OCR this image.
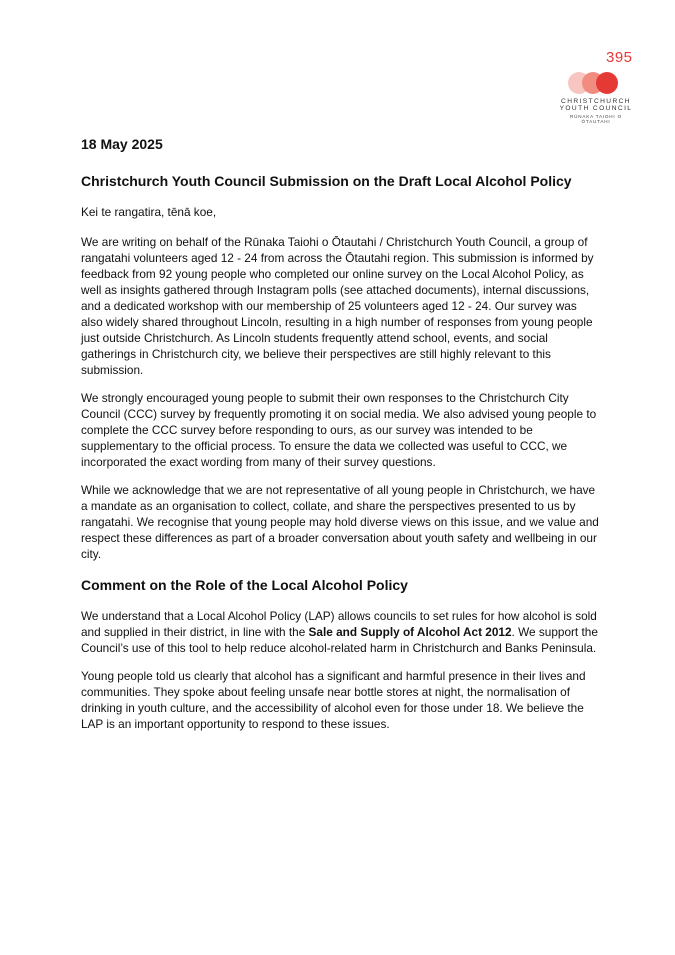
395
CHRISTCHURCH
YOUTH COUNCIL
RŪNAKA TAIOHI O
ŌTAUTAHI
18 May 2025
Christchurch Youth Council Submission on the Draft Local Alcohol Policy

Kei te rangatira, tēnā koe,

We are writing on behalf of the Rūnaka Taiohi o Ōtautahi / Christchurch Youth Council, a group of rangatahi volunteers aged 12 - 24 from across the Ōtautahi region. This submission is informed by feedback from 92 young people who completed our online survey on the Local Alcohol Policy, as well as insights gathered through Instagram polls (see attached documents), internal discussions, and a dedicated workshop with our membership of 25 volunteers aged 12 - 24. Our survey was also widely shared throughout Lincoln, resulting in a high number of responses from young people just outside Christchurch. As Lincoln students frequently attend school, events, and social gatherings in Christchurch city, we believe their perspectives are still highly relevant to this submission.

We strongly encouraged young people to submit their own responses to the Christchurch City Council (CCC) survey by frequently promoting it on social media. We also advised young people to complete the CCC survey before responding to ours, as our survey was intended to be supplementary to the official process. To ensure the data we collected was useful to CCC, we incorporated the exact wording from many of their survey questions.

While we acknowledge that we are not representative of all young people in Christchurch, we have a mandate as an organisation to collect, collate, and share the perspectives presented to us by rangatahi. We recognise that young people may hold diverse views on this issue, and we value and respect these differences as part of a broader conversation about youth safety and wellbeing in our city.

Comment on the Role of the Local Alcohol Policy

We understand that a Local Alcohol Policy (LAP) allows councils to set rules for how alcohol is sold and supplied in their district, in line with the Sale and Supply of Alcohol Act 2012. We support the Council’s use of this tool to help reduce alcohol-related harm in Christchurch and Banks Peninsula.

Young people told us clearly that alcohol has a significant and harmful presence in their lives and communities. They spoke about feeling unsafe near bottle stores at night, the normalisation of drinking in youth culture, and the accessibility of alcohol even for those under 18. We believe the LAP is an important opportunity to respond to these issues.
